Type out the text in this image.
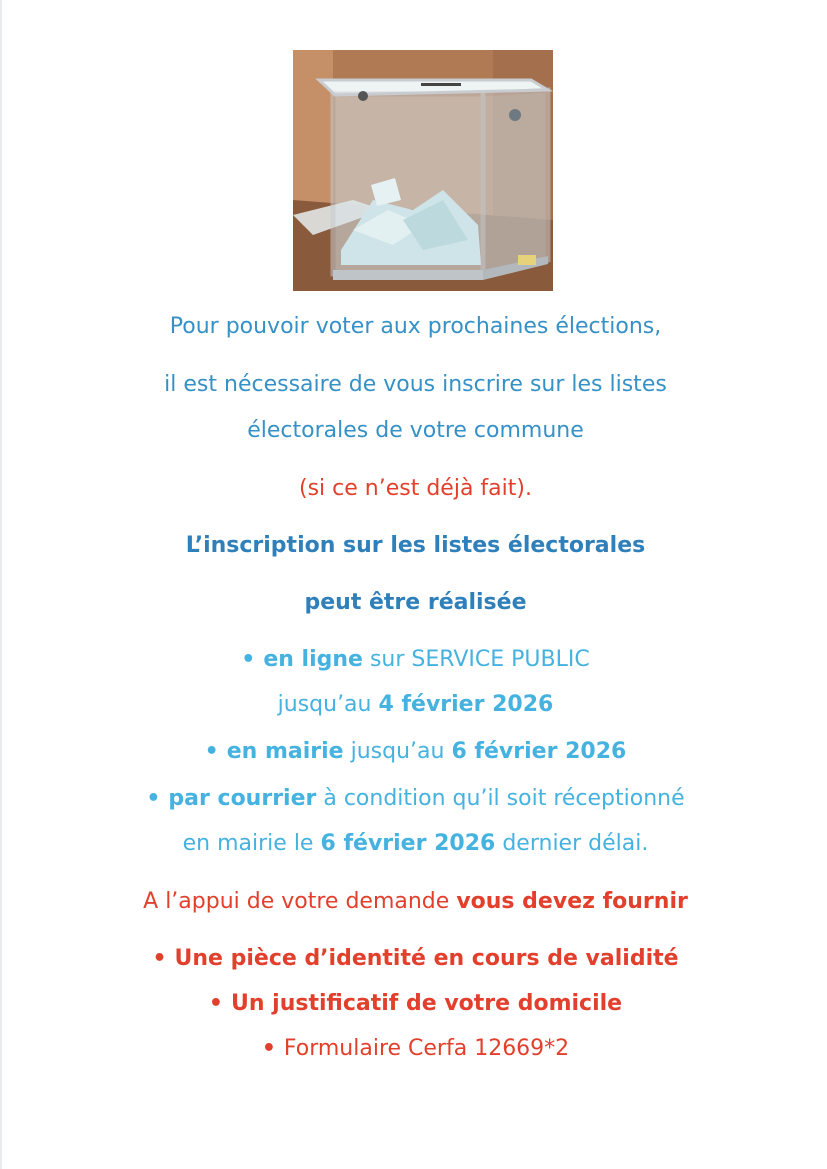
Pour pouvoir voter aux prochaines élections,
il est nécessaire de vous inscrire sur les listes
électorales de votre commune
(si ce n’est déjà fait).
L’inscription sur les listes électorales
peut être réalisée
• en ligne sur SERVICE PUBLIC
jusqu’au 4 février 2026
• en mairie jusqu’au 6 février 2026
• par courrier à condition qu’il soit réceptionné
en mairie le 6 février 2026 dernier délai.
A l’appui de votre demande vous devez fournir
• Une pièce d’identité en cours de validité
• Un justificatif de votre domicile
• Formulaire Cerfa 12669*2
